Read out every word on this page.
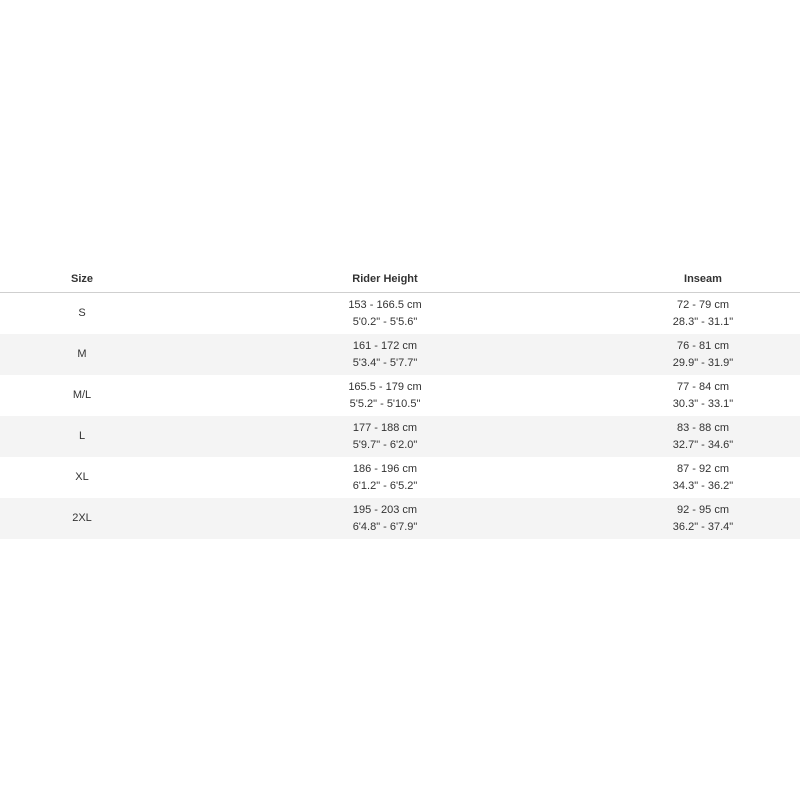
Size	Rider Height	Inseam
S
153 - 166.5 cm
5'0.2" - 5'5.6"
72 - 79 cm
28.3" - 31.1"
M
161 - 172 cm
5'3.4" - 5'7.7"
76 - 81 cm
29.9" - 31.9"
M/L
165.5 - 179 cm
5'5.2" - 5'10.5"
77 - 84 cm
30.3" - 33.1"
L
177 - 188 cm
5'9.7" - 6'2.0"
83 - 88 cm
32.7" - 34.6"
XL
186 - 196 cm
6'1.2" - 6'5.2"
87 - 92 cm
34.3" - 36.2"
2XL
195 - 203 cm
6'4.8" - 6'7.9"
92 - 95 cm
36.2" - 37.4"
